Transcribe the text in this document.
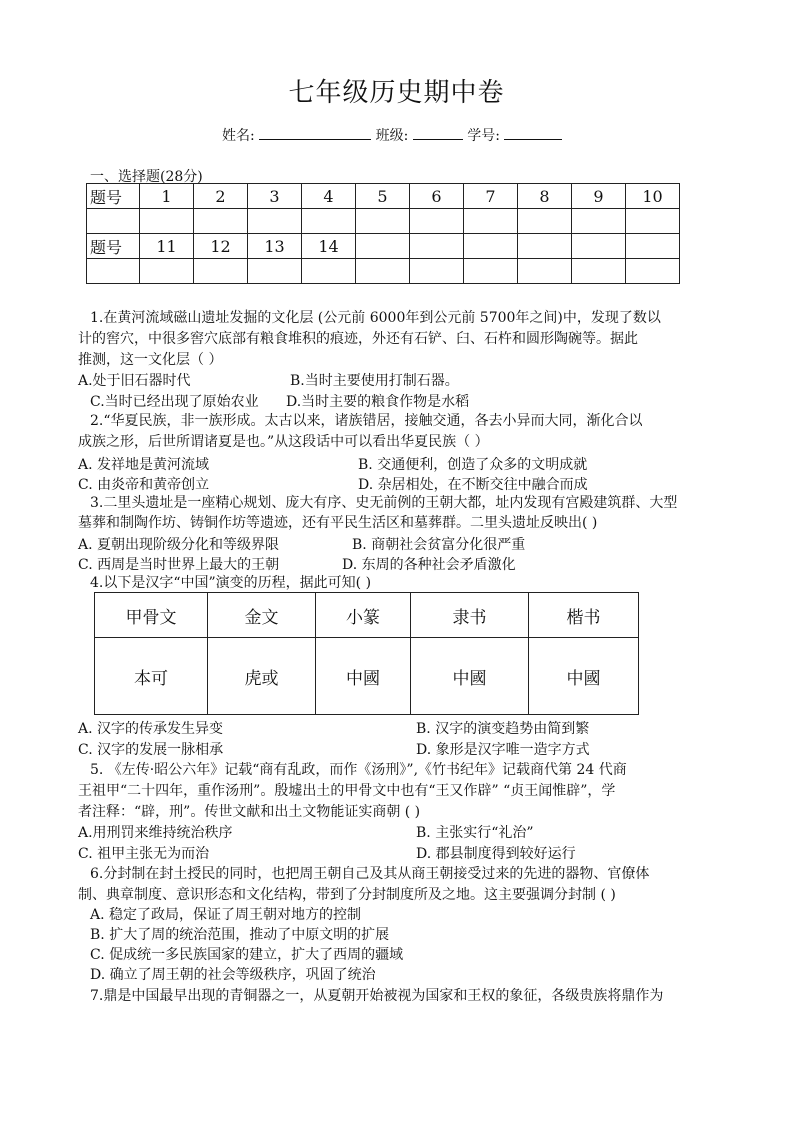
七年级历史期中卷
姓名:	班级:	学号:
一、选择题(28分)
题号	1	2	3	4	5	6	7	8	9	10

题号	11	12	13	14						

1.在黄河流域磁山遗址发掘的文化层 (公元前 6000年到公元前 5700年之间)中，发现了数以
计的窖穴，中很多窖穴底部有粮食堆积的痕迹，外还有石铲、臼、石杵和圆形陶碗等。据此
推测，这一文化层（ ）
A.处于旧石器时代	B.当时主要使用打制石器。
C.当时已经出现了原始农业 D.当时主要的粮食作物是水稻
2.“华夏民族，非一族形成。太古以来，诸族错居，接触交通，各去小异而大同，渐化合以
成族之形，后世所谓诸夏是也。”从这段话中可以看出华夏民族（ ）
A. 发祥地是黄河流域	B. 交通便利，创造了众多的文明成就
C. 由炎帝和黄帝创立	D. 杂居相处，在不断交往中融合而成
3.二里头遗址是一座精心规划、庞大有序、史无前例的王朝大都，址内发现有宫殿建筑群、大型
墓葬和制陶作坊、铸铜作坊等遗迹，还有平民生活区和墓葬群。二里头遗址反映出( )
A. 夏朝出现阶级分化和等级界限	B. 商朝社会贫富分化很严重
C. 西周是当时世界上最大的王朝	D. 东周的各种社会矛盾激化
4.以下是汉字“中国”演变的历程，据此可知( )
甲骨文	金文	小篆	隶书	楷书
本可	虎或	中國	中國	中國
A. 汉字的传承发生异变	B. 汉字的演变趋势由简到繁
C. 汉字的发展一脉相承	D. 象形是汉字唯一造字方式
5. 《左传·昭公六年》记载“商有乱政，而作《汤刑》”,《竹书纪年》记载商代第 24 代商
王祖甲“二十四年，重作汤刑”。殷墟出土的甲骨文中也有“王又作辟” “贞王闻惟辟”，学
者注释：“辟，刑”。传世文献和出土文物能证实商朝 ( )
A.用刑罚来维持统治秩序	B. 主张实行“礼治”
C. 祖甲主张无为而治	D. 郡县制度得到较好运行
6.分封制在封土授民的同时，也把周王朝自己及其从商王朝接受过来的先进的器物、官僚体
制、典章制度、意识形态和文化结构，带到了分封制度所及之地。这主要强调分封制 ( )
A. 稳定了政局，保证了周王朝对地方的控制
B. 扩大了周的统治范围，推动了中原文明的扩展
C. 促成统一多民族国家的建立，扩大了西周的疆域
D. 确立了周王朝的社会等级秩序，巩固了统治
7.鼎是中国最早出现的青铜器之一，从夏朝开始被视为国家和王权的象征，各级贵族将鼎作为
